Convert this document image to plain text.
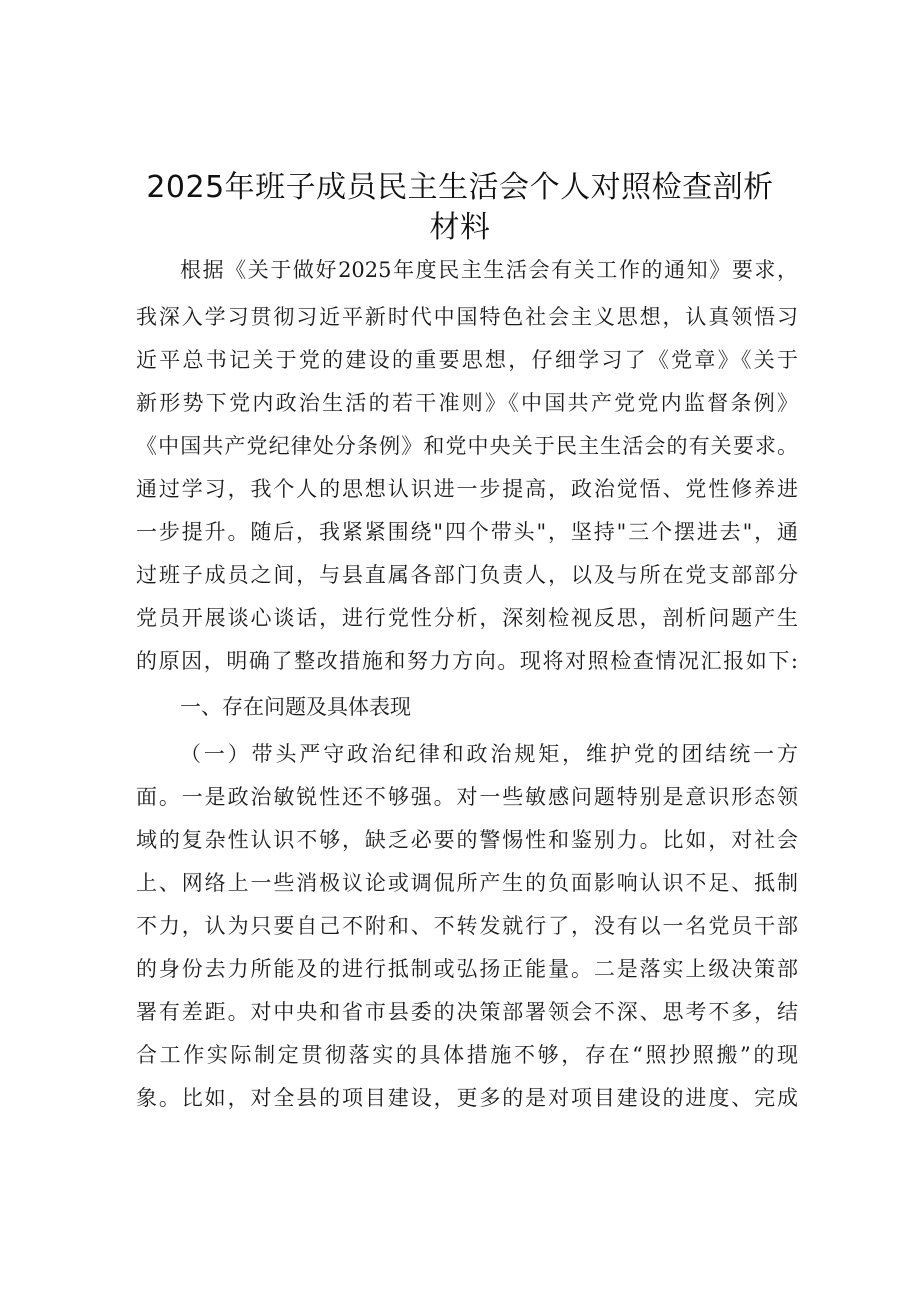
2025年班子成员民主生活会个人对照检查剖析
材料
根据《关于做好2025年度民主生活会有关工作的通知》要求，
我深入学习贯彻习近平新时代中国特色社会主义思想，认真领悟习
近平总书记关于党的建设的重要思想，仔细学习了《党章》《关于
新形势下党内政治生活的若干准则》《中国共产党党内监督条例》
《中国共产党纪律处分条例》和党中央关于民主生活会的有关要求。
通过学习，我个人的思想认识进一步提高，政治觉悟、党性修养进
一步提升。随后，我紧紧围绕"四个带头"，坚持"三个摆进去"，通
过班子成员之间，与县直属各部门负责人，以及与所在党支部部分
党员开展谈心谈话，进行党性分析，深刻检视反思，剖析问题产生
的原因，明确了整改措施和努力方向。现将对照检查情况汇报如下:
一、存在问题及具体表现
（一）带头严守政治纪律和政治规矩，维护党的团结统一方
面。一是政治敏锐性还不够强。对一些敏感问题特别是意识形态领
域的复杂性认识不够，缺乏必要的警惕性和鉴别力。比如，对社会
上、网络上一些消极议论或调侃所产生的负面影响认识不足、抵制
不力，认为只要自己不附和、不转发就行了，没有以一名党员干部
的身份去力所能及的进行抵制或弘扬正能量。二是落实上级决策部
署有差距。对中央和省市县委的决策部署领会不深、思考不多，结
合工作实际制定贯彻落实的具体措施不够，存在“照抄照搬”的现
象。比如，对全县的项目建设，更多的是对项目建设的进度、完成
